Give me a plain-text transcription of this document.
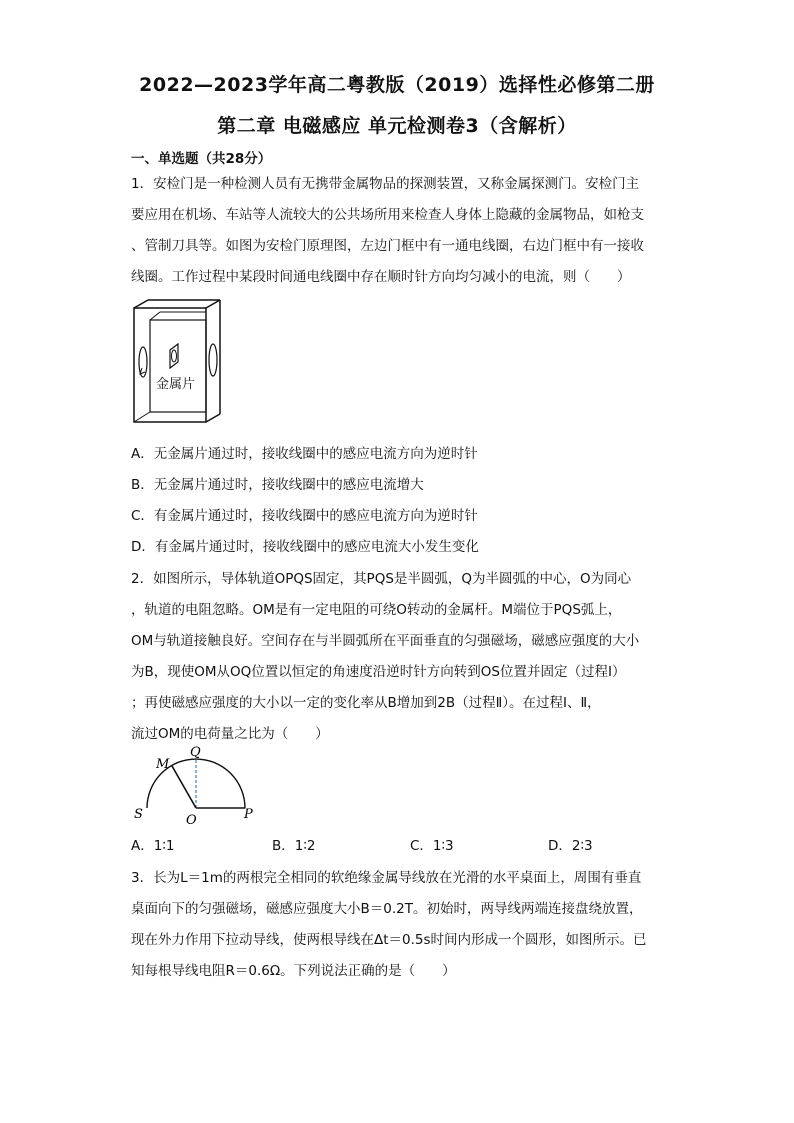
2022—2023学年高二粤教版（2019）选择性必修第二册
第二章 电磁感应 单元检测卷3（含解析）
一、单选题（共28分）
1．安检门是一种检测人员有无携带金属物品的探测装置，又称金属探测门。安检门主
要应用在机场、车站等人流较大的公共场所用来检查人身体上隐藏的金属物品，如枪支
、管制刀具等。如图为安检门原理图，左边门框中有一通电线圈，右边门框中有一接收
线圈。工作过程中某段时间通电线圈中存在顺时针方向均匀减小的电流，则（　　）
金属片
A．无金属片通过时，接收线圈中的感应电流方向为逆时针
B．无金属片通过时，接收线圈中的感应电流增大
C．有金属片通过时，接收线圈中的感应电流方向为逆时针
D．有金属片通过时，接收线圈中的感应电流大小发生变化
2．如图所示，导体轨道OPQS固定，其PQS是半圆弧，Q为半圆弧的中心，O为同心
，轨道的电阻忽略。OM是有一定电阻的可绕O转动的金属杆。M端位于PQS弧上，
OM与轨道接触良好。空间存在与半圆弧所在平面垂直的匀强磁场，磁感应强度的大小
为B，现使OM从OQ位置以恒定的角速度沿逆时针方向转到OS位置并固定（过程Ⅰ）
；再使磁感应强度的大小以一定的变化率从B增加到2B（过程Ⅱ）。在过程Ⅰ、Ⅱ，
流过OM的电荷量之比为（　　）
Q
M
S	O	P
A．1∶1	B．1∶2	C．1∶3	D．2∶3
3．长为L＝1m的两根完全相同的软绝缘金属导线放在光滑的水平桌面上，周围有垂直
桌面向下的匀强磁场，磁感应强度大小B＝0.2T。初始时，两导线两端连接盘绕放置，
现在外力作用下拉动导线，使两根导线在Δt＝0.5s时间内形成一个圆形，如图所示。已
知每根导线电阻R＝0.6Ω。下列说法正确的是（　　）
